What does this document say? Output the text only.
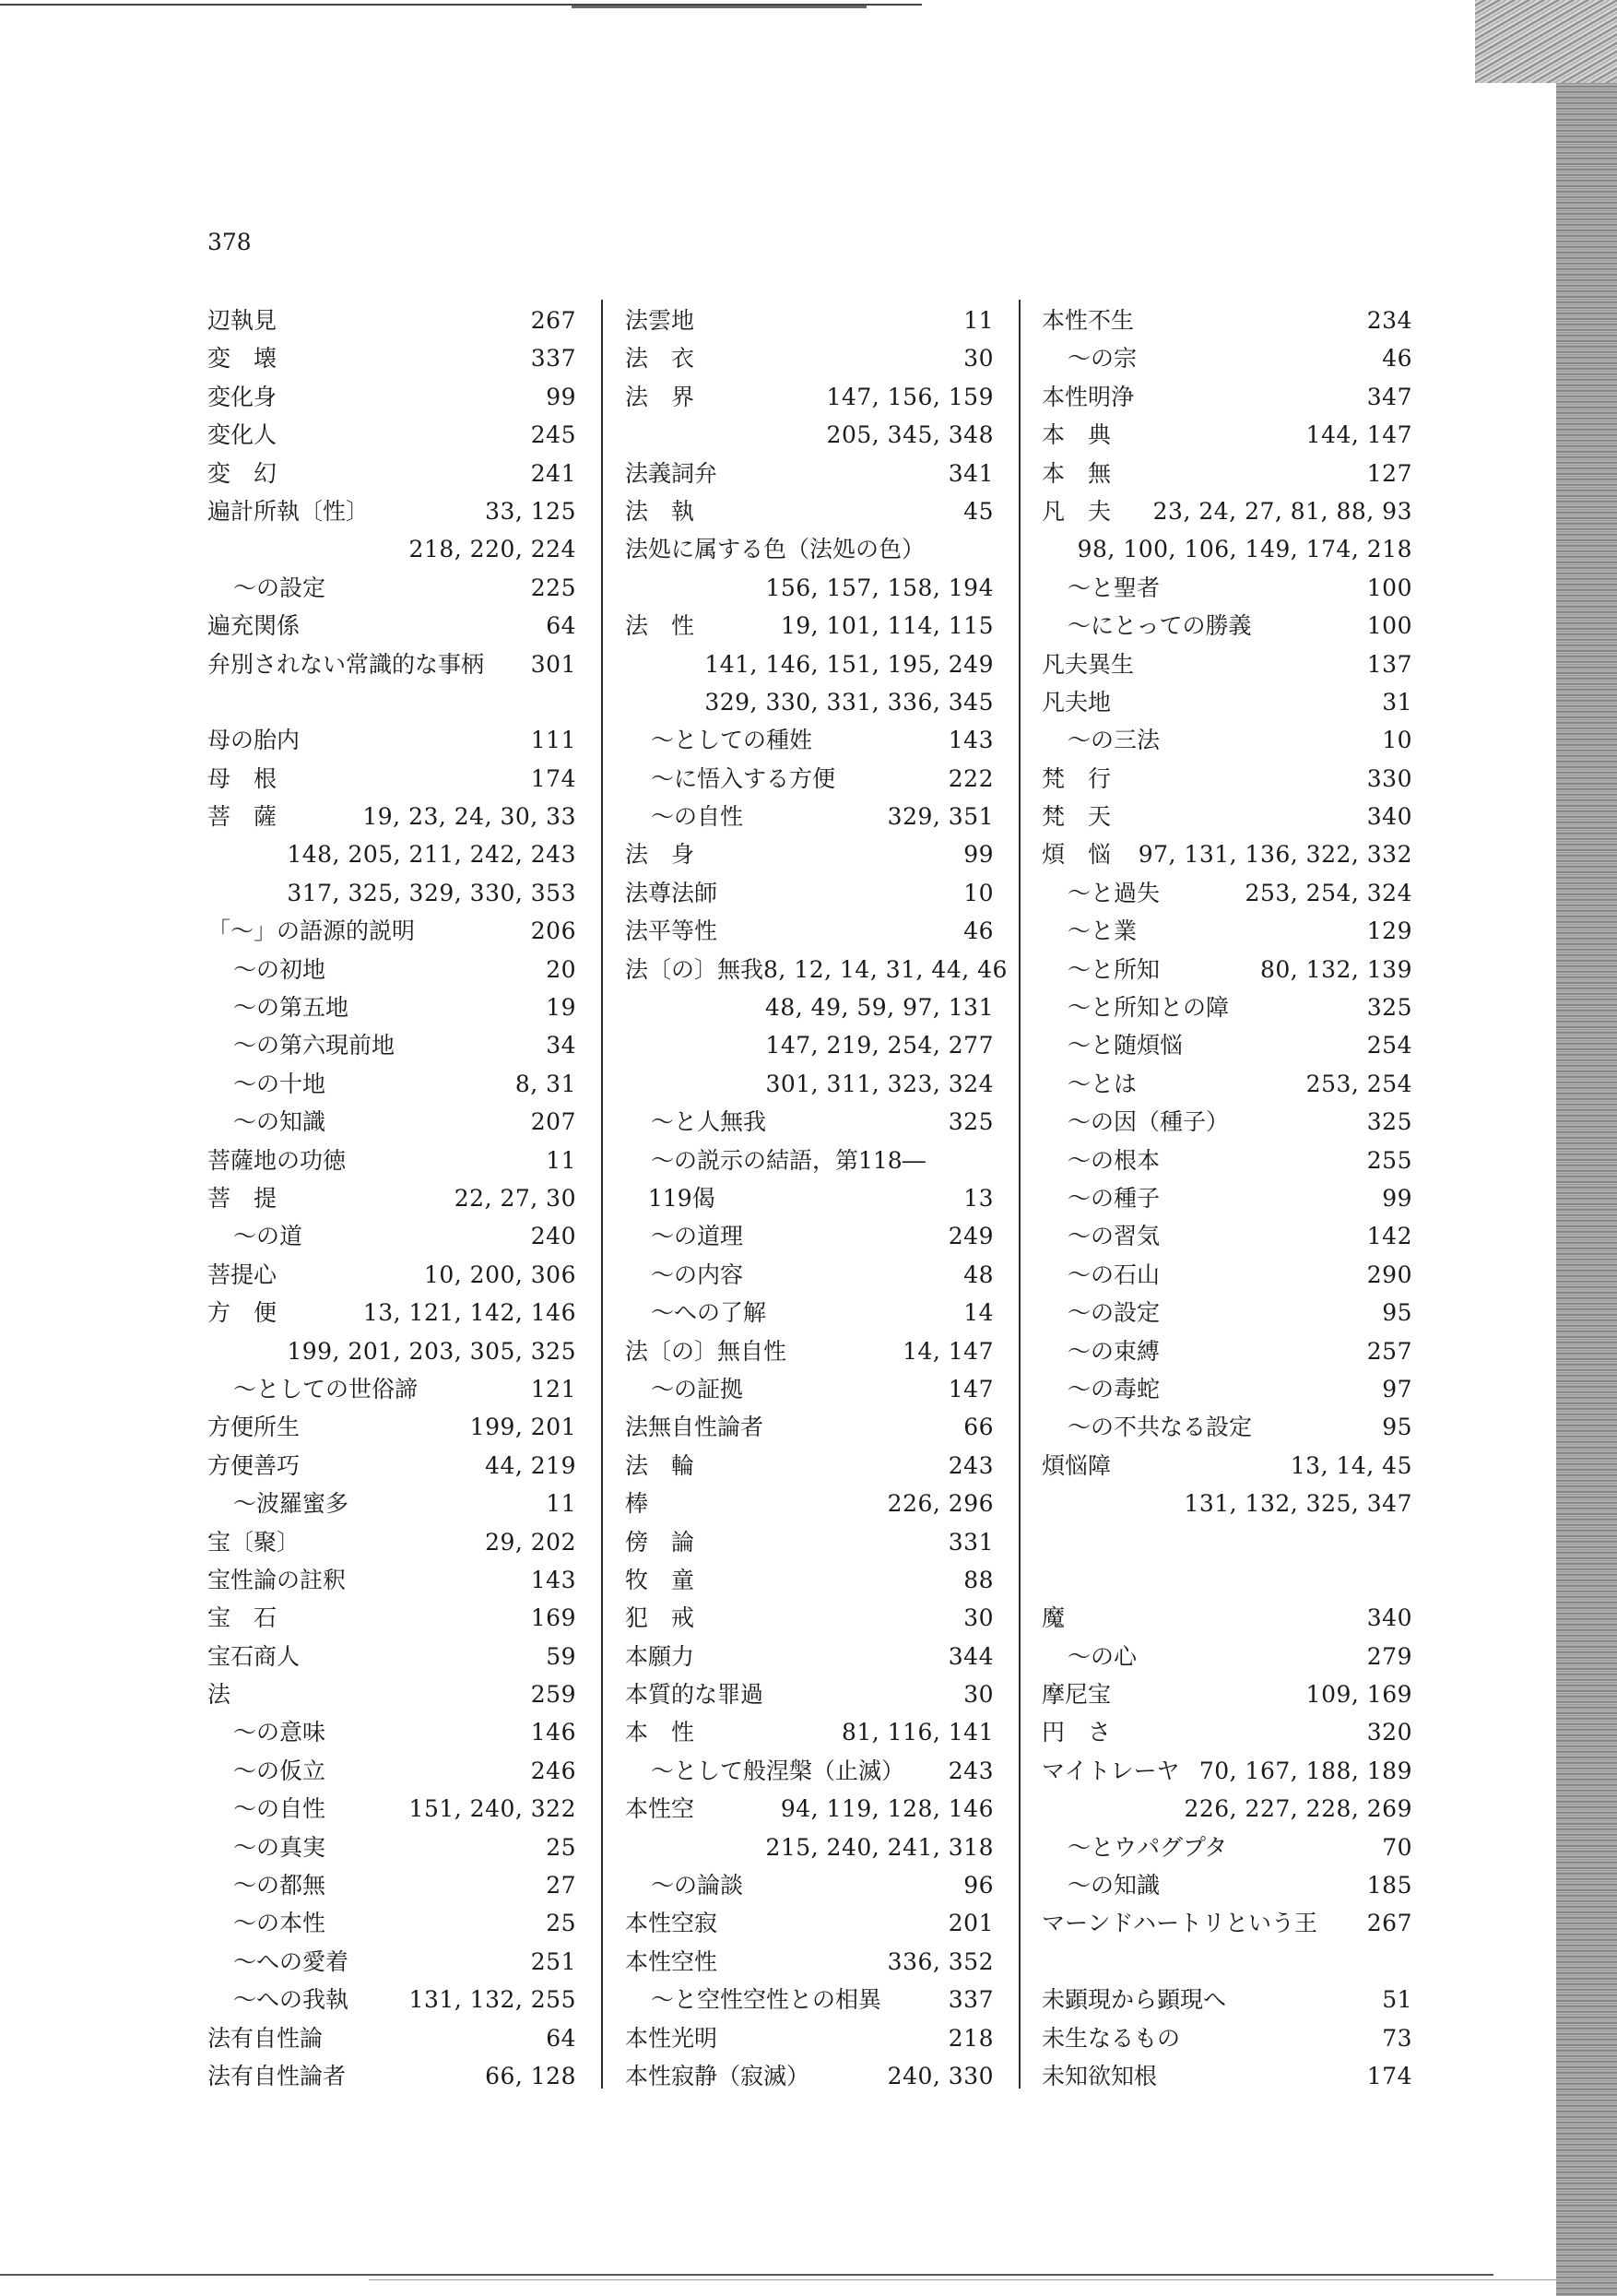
378
辺執見	267
変　壊	337
変化身	99
変化人	245
変　幻	241
遍計所執〔性〕	33, 125
218, 220, 224
～の設定	225
遍充関係	64
弁別されない常識的な事柄	301
母の胎内	111
母　根	174
菩　薩	19, 23, 24, 30, 33
148, 205, 211, 242, 243
317, 325, 329, 330, 353
「～」の語源的説明	206
～の初地	20
～の第五地	19
～の第六現前地	34
～の十地	8, 31
～の知識	207
菩薩地の功徳	11
菩　提	22, 27, 30
～の道	240
菩提心	10, 200, 306
方　便	13, 121, 142, 146
199, 201, 203, 305, 325
～としての世俗諦	121
方便所生	199, 201
方便善巧	44, 219
～波羅蜜多	11
宝〔聚〕	29, 202
宝性論の註釈	143
宝　石	169
宝石商人	59
法	259
～の意味	146
～の仮立	246
～の自性	151, 240, 322
～の真実	25
～の都無	27
～の本性	25
～への愛着	251
～への我執	131, 132, 255
法有自性論	64
法有自性論者	66, 128
法雲地	11
法　衣	30
法　界	147, 156, 159
205, 345, 348
法義詞弁	341
法　執	45
法処に属する色（法処の色）
156, 157, 158, 194
法　性	19, 101, 114, 115
141, 146, 151, 195, 249
329, 330, 331, 336, 345
～としての種姓	143
～に悟入する方便	222
～の自性	329, 351
法　身	99
法尊法師	10
法平等性	46
法〔の〕無我 8, 12, 14, 31, 44, 46
48, 49, 59, 97, 131
147, 219, 254, 277
301, 311, 323, 324
～と人無我	325
～の説示の結語，第118―
　119偈	13
～の道理	249
～の内容	48
～への了解	14
法〔の〕無自性	14, 147
～の証拠	147
法無自性論者	66
法　輪	243
棒	226, 296
傍　論	331
牧　童	88
犯　戒	30
本願力	344
本質的な罪過	30
本　性	81, 116, 141
～として般涅槃（止滅）	243
本性空	94, 119, 128, 146
215, 240, 241, 318
～の論談	96
本性空寂	201
本性空性	336, 352
～と空性空性との相異	337
本性光明	218
本性寂静（寂滅）	240, 330
本性不生	234
～の宗	46
本性明浄	347
本　典	144, 147
本　無	127
凡　夫	23, 24, 27, 81, 88, 93
98, 100, 106, 149, 174, 218
～と聖者	100
～にとっての勝義	100
凡夫異生	137
凡夫地	31
～の三法	10
梵　行	330
梵　天	340
煩　悩	97, 131, 136, 322, 332
～と過失	253, 254, 324
～と業	129
～と所知	80, 132, 139
～と所知との障	325
～と随煩悩	254
～とは	253, 254
～の因（種子）	325
～の根本	255
～の種子	99
～の習気	142
～の石山	290
～の設定	95
～の束縛	257
～の毒蛇	97
～の不共なる設定	95
煩悩障	13, 14, 45
131, 132, 325, 347
魔	340
～の心	279
摩尼宝	109, 169
円　さ	320
マイトレーヤ 70, 167, 188, 189
226, 227, 228, 269
～とウパグプタ	70
～の知識	185
マーンドハートリという王	267
未顕現から顕現へ	51
未生なるもの	73
未知欲知根	174
